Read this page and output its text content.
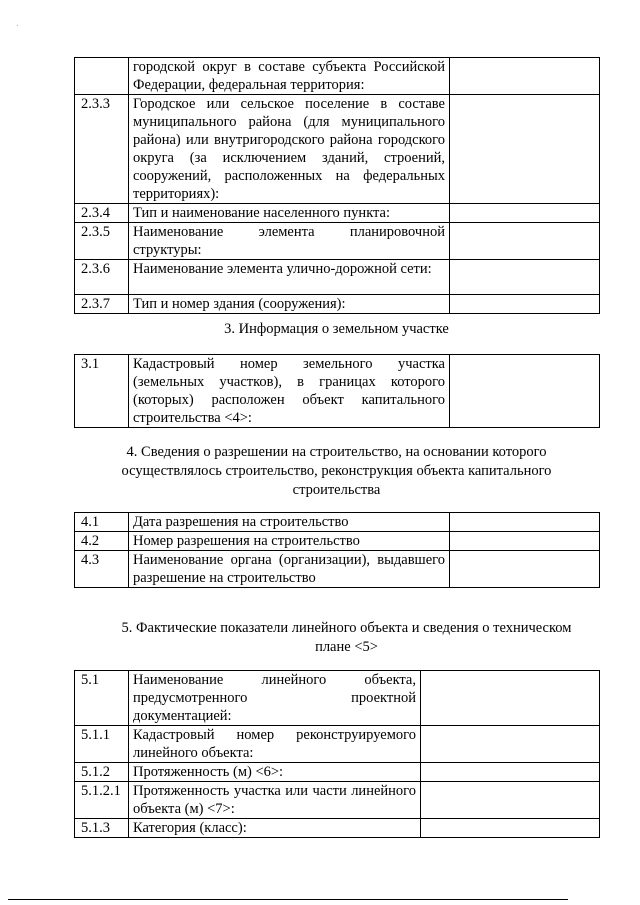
ˋ
	городской округ в составе субъекта Российской Федерации, федеральная территория:	
2.3.3	Городское или сельское поселение в составе муниципального района (для муниципального района) или внутригородского района городского округа (за исключением зданий, строений, сооружений, расположенных на федеральных территориях):	
2.3.4	Тип и наименование населенного пункта:	
2.3.5	Наименование элемента планировочной структуры:	
2.3.6	Наименование элемента улично-дорожной сети:	
2.3.7	Тип и номер здания (сооружения):	
3. Информация о земельном участке
3.1	Кадастровый номер земельного участка (земельных участков), в границах которого (которых) расположен объект капитального строительства <4>:	
4. Сведения о разрешении на строительство, на основании которого
осуществлялось строительство, реконструкция объекта капитального
строительства
4.1	Дата разрешения на строительство	
4.2	Номер разрешения на строительство	
4.3	Наименование органа (организации), выдавшего разрешение на строительство	
5. Фактические показатели линейного объекта и сведения о техническом
плане <5>
5.1	Наименование линейного объекта, предусмотренного проектной документацией:	
5.1.1	Кадастровый номер реконструируемого линейного объекта:	
5.1.2	Протяженность (м) <6>:	
5.1.2.1	Протяженность участка или части линейного объекта (м) <7>:	
5.1.3	Категория (класс):	
